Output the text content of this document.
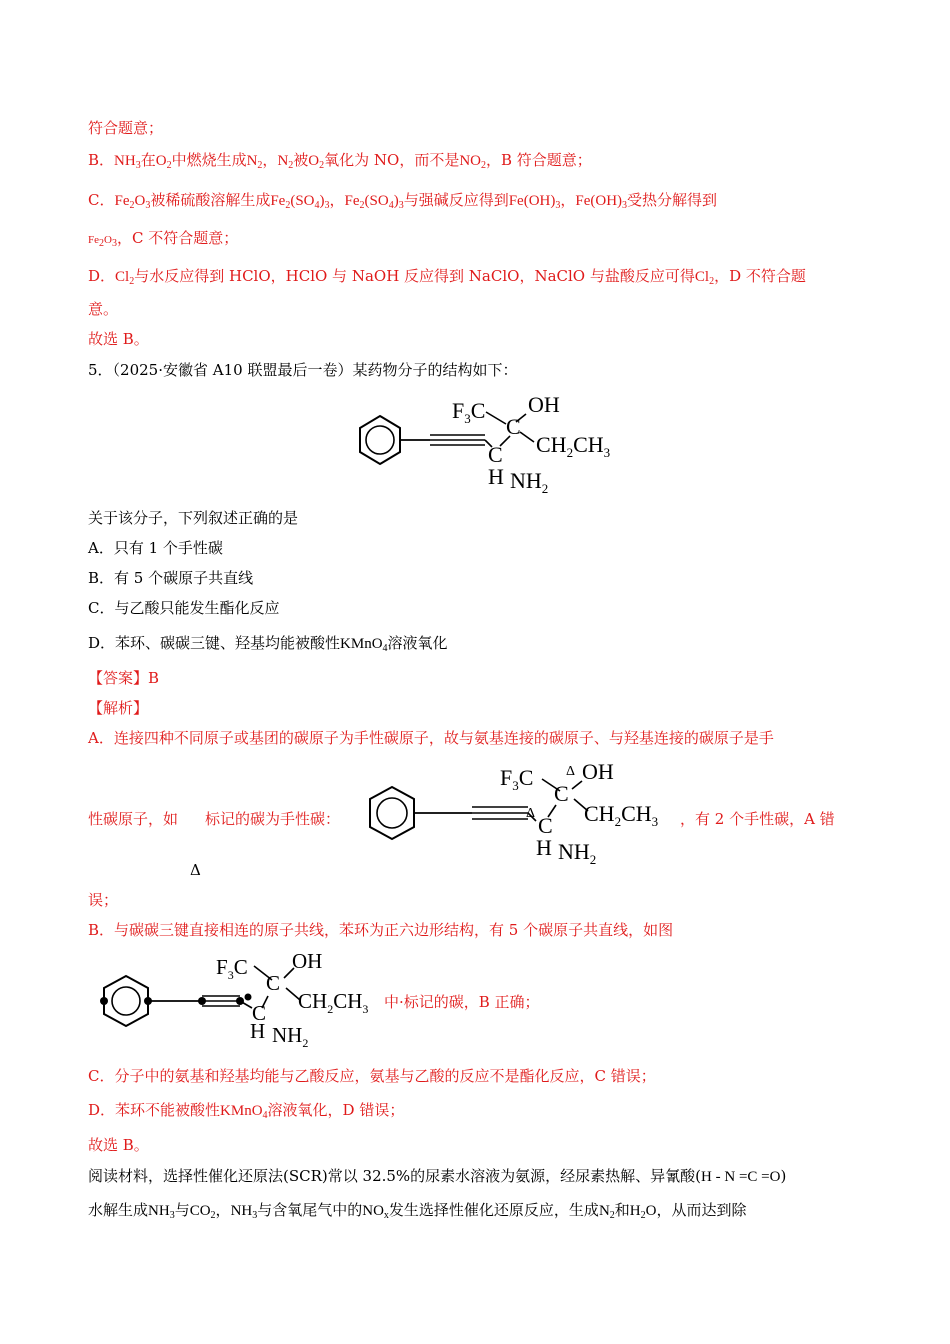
符合题意；
B．$NH_3$在$O_2$中燃烧生成$N_2$，$N_2$被$O_2$氧化为 NO，而不是$NO_2$，B 符合题意；
C．$Fe_2O_3$被稀硫酸溶解生成$Fe_2(SO_4)_3$，$Fe_2(SO_4)_3$与强碱反应得到$Fe(OH)_3$，$Fe(OH)_3$受热分解得到
Fe2O3，C 不符合题意；
D．$Cl_2$与水反应得到 HClO，HClO 与 NaOH 反应得到 NaClO，NaClO 与盐酸反应可得$Cl_2$，D 不符合题
意。
故选 B。
5．（2025·安徽省 A10 联盟最后一卷）某药物分子的结构如下：
$F_3C$ OH
C
$CH_2CH_3$
C
H $NH_2$
关于该分子，下列叙述正确的是
A．只有 1 个手性碳
B．有 5 个碳原子共直线
C．与乙酸只能发生酯化反应
D．苯环、碳碳三键、羟基均能被酸性KMnO$_4$溶液氧化
【答案】B
【解析】
A．连接四种不同原子或基团的碳原子为手性碳原子，故与氨基连接的碳原子、与羟基连接的碳原子是手
性碳原子，如 标记的碳为手性碳：	，有 2 个手性碳，A 错
$F_3C$ Δ OH
C
$CH_2CH_3$
Δ C
H $NH_2$
Δ
误；
B．与碳碳三键直接相连的原子共线，苯环为正六边形结构，有 5 个碳原子共直线，如图
$F_3C$ OH
C
$CH_2CH_3$
C
H $NH_2$
中·标记的碳，B 正确；
C．分子中的氨基和羟基均能与乙酸反应，氨基与乙酸的反应不是酯化反应，C 错误；
D．苯环不能被酸性KMnO$_4$溶液氧化，D 错误；
故选 B。
阅读材料，选择性催化还原法(SCR)常以 32.5%的尿素水溶液为氨源，经尿素热解、异氰酸(H - N =C =O)
水解生成$NH_3$与$CO_2$，$NH_3$与含氧尾气中的$NO_x$发生选择性催化还原反应，生成$N_2$和$H_2O$，从而达到除
